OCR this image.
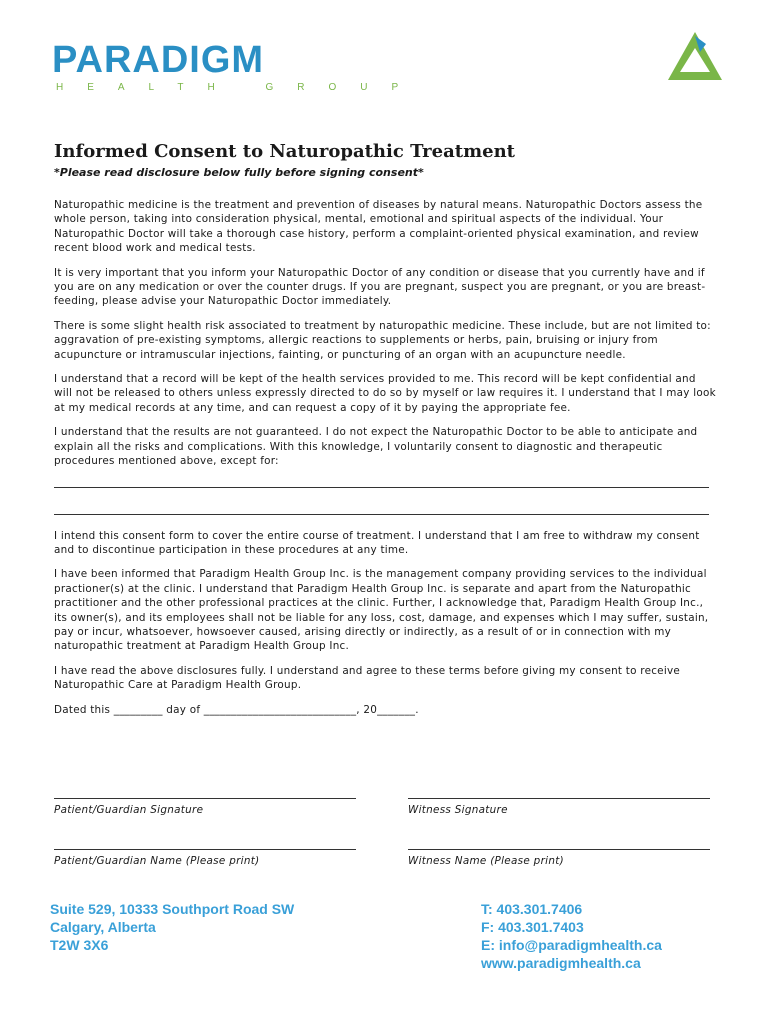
PARADIGM
HEALTH GROUP
Informed Consent to Naturopathic Treatment
*Please read disclosure below fully before signing consent*

Naturopathic medicine is the treatment and prevention of diseases by natural means. Naturopathic Doctors assess the whole person, taking into consideration physical, mental, emotional and spiritual aspects of the individual. Your Naturopathic Doctor will take a thorough case history, perform a complaint-oriented physical examination, and review recent blood work and medical tests.

It is very important that you inform your Naturopathic Doctor of any condition or disease that you currently have and if you are on any medication or over the counter drugs. If you are pregnant, suspect you are pregnant, or you are breast-feeding, please advise your Naturopathic Doctor immediately.

There is some slight health risk associated to treatment by naturopathic medicine. These include, but are not limited to: aggravation of pre-existing symptoms, allergic reactions to supplements or herbs, pain, bruising or injury from acupuncture or intramuscular injections, fainting, or puncturing of an organ with an acupuncture needle.

I understand that a record will be kept of the health services provided to me. This record will be kept confidential and will not be released to others unless expressly directed to do so by myself or law requires it. I understand that I may look at my medical records at any time, and can request a copy of it by paying the appropriate fee.

I understand that the results are not guaranteed. I do not expect the Naturopathic Doctor to be able to anticipate and explain all the risks and complications. With this knowledge, I voluntarily consent to diagnostic and therapeutic procedures mentioned above, except for:

I intend this consent form to cover the entire course of treatment. I understand that I am free to withdraw my consent and to discontinue participation in these procedures at any time.

I have been informed that Paradigm Health Group Inc. is the management company providing services to the individual practioner(s) at the clinic. I understand that Paradigm Health Group Inc. is separate and apart from the Naturopathic practitioner and the other professional practices at the clinic. Further, I acknowledge that, Paradigm Health Group Inc., its owner(s), and its employees shall not be liable for any loss, cost, damage, and expenses which I may suffer, sustain, pay or incur, whatsoever, howsoever caused, arising directly or indirectly, as a result of or in connection with my naturopathic treatment at Paradigm Health Group Inc.

I have read the above disclosures fully. I understand and agree to these terms before giving my consent to receive Naturopathic Care at Paradigm Health Group.

Dated this _________ day of ____________________________, 20_______.
Patient/Guardian Signature	Witness Signature
Patient/Guardian Name (Please print)	Witness Name (Please print)
Suite 529, 10333 Southport Road SW
Calgary, Alberta
T2W 3X6
T: 403.301.7406
F: 403.301.7403
E: info@paradigmhealth.ca
www.paradigmhealth.ca
